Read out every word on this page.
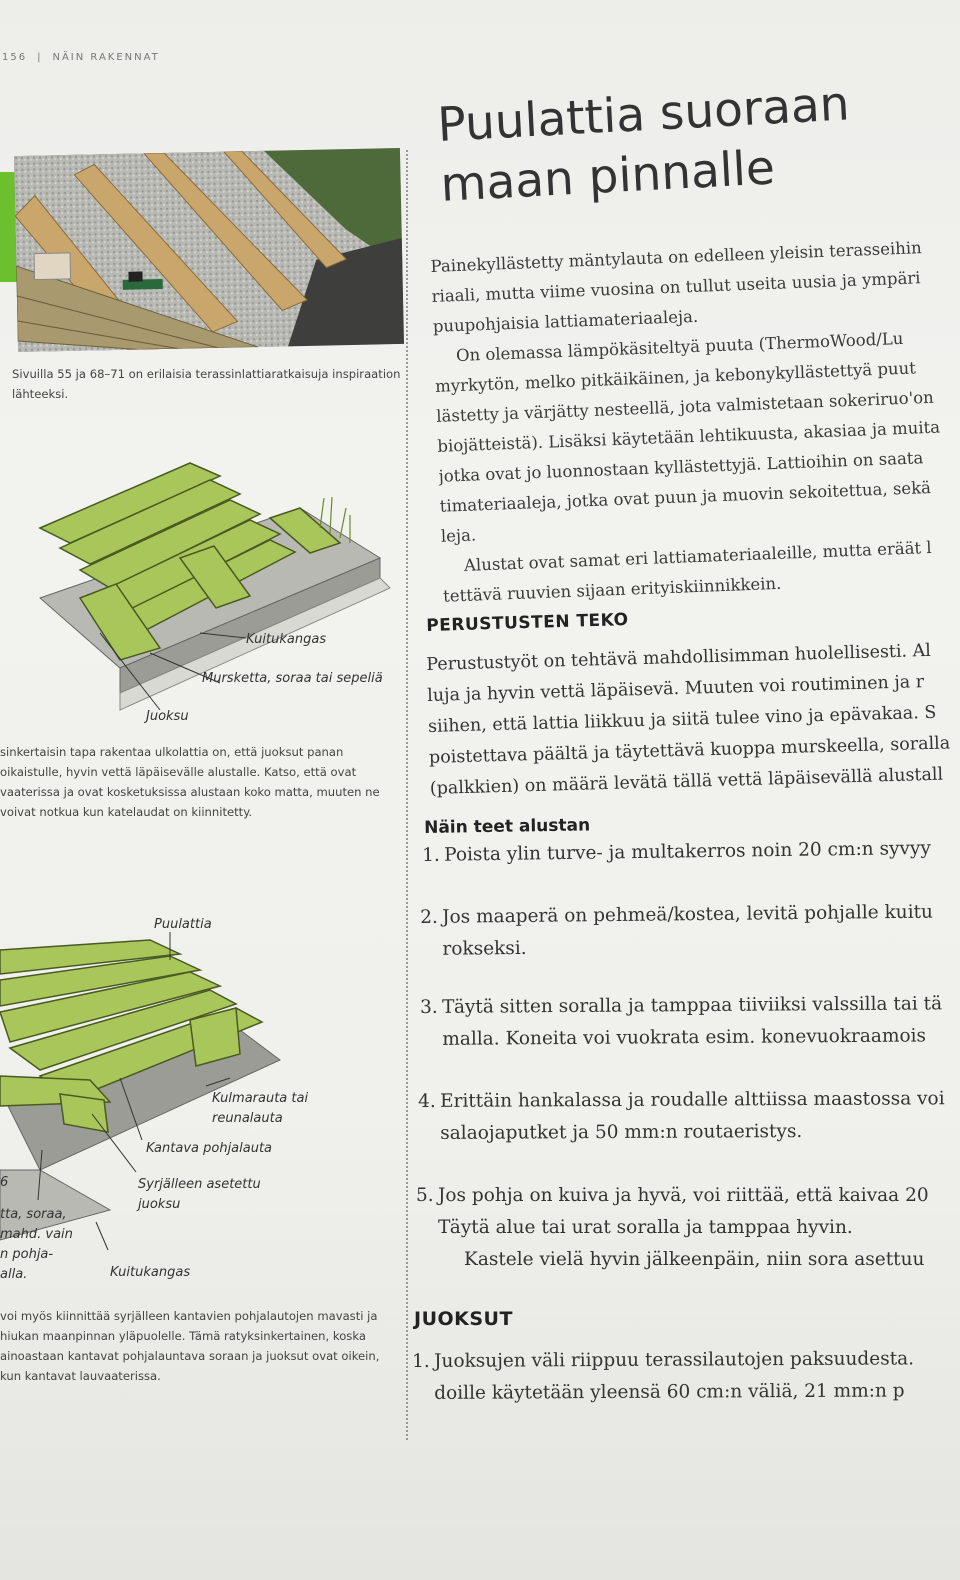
156 | NÄIN RAKENNAT
Sivuilla 55 ja 68–71 on erilaisia terassinlattiaratkaisuja inspiraation lähteeksi.
Kuitukangas
Mursketta, soraa tai sepeliä
Juoksu
sinkertaisin tapa rakentaa ulkolattia on, että juoksut panan oikaistulle, hyvin vettä läpäisevälle alustalle. Katso, että ovat vaaterissa ja ovat kosketuksissa alustaan koko matta, muuten ne voivat notkua kun katelaudat on kiinnitetty.
Puulattia
Kulmarauta tai
reunalauta
Kantava pohjalauta
Syrjälleen asetettu
juoksu
Kuitukangas
6
tta, soraa,
mahd. vain
n pohja-
alla.
voi myös kiinnittää syrjälleen kantavien pohjalautojen mavasti ja hiukan maanpinnan yläpuolelle. Tämä ratyksinkertainen, koska ainoastaan kantavat pohjalauntava soraan ja juoksut ovat oikein, kun kantavat lauvaaterissa.
Puulattia suoraan
maan pinnalle

Painekyllästetty mäntylauta on edelleen yleisin terasseihin

riaali, mutta viime vuosina on tullut useita uusia ja ympäri

puupohjaisia lattiamateriaaleja.

On olemassa lämpökäsiteltyä puuta (ThermoWood/Lu

myrkytön, melko pitkäikäinen, ja kebonykyllästettyä puut

lästetty ja värjätty nesteellä, jota valmistetaan sokeriruo'on

biojätteistä). Lisäksi käytetään lehtikuusta, akasiaa ja muita

jotka ovat jo luonnostaan kyllästettyjä. Lattioihin on saata

timateriaaleja, jotka ovat puun ja muovin sekoitettua, sekä

leja.

Alustat ovat samat eri lattiamateriaaleille, mutta eräät l

tettävä ruuvien sijaan erityiskiinnikkein.

PERUSTUSTEN TEKO

Perustustyöt on tehtävä mahdollisimman huolellisesti. Al

luja ja hyvin vettä läpäisevä. Muuten voi routiminen ja r

siihen, että lattia liikkuu ja siitä tulee vino ja epävakaa. S

poistettava päältä ja täytettävä kuoppa murskeella, soralla

(palkkien) on määrä levätä tällä vettä läpäisevällä alustall

Näin teet alustan
1. Poista ylin turve- ja multakerros noin 20 cm:n syvyy
2. Jos maaperä on pehmeä/kostea, levitä pohjalle kuitu
rokseksi.
3. Täytä sitten soralla ja tamppaa tiiviiksi valssilla tai tä
malla. Koneita voi vuokrata esim. konevuokraamois
4. Erittäin hankalassa ja roudalle alttiissa maastossa voi
salaojaputket ja 50 mm:n routaeristys.
5. Jos pohja on kuiva ja hyvä, voi riittää, että kaivaa 20
Täytä alue tai urat soralla ja tamppaa hyvin.
Kastele vielä hyvin jälkeenpäin, niin sora asettuu
JUOKSUT
1. Juoksujen väli riippuu terassilautojen paksuudesta.
doille käytetään yleensä 60 cm:n väliä, 21 mm:n p
